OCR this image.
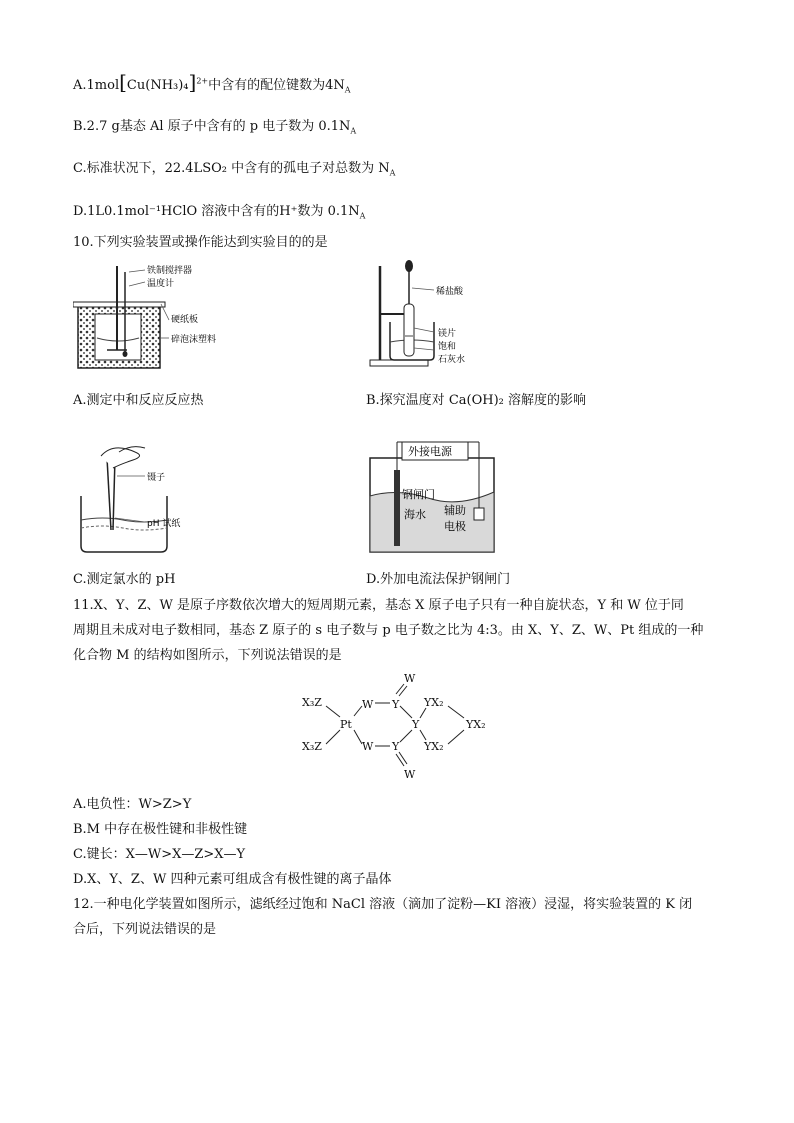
$A.1mol[Cu(NH_3)_4]^{2+}$中含有的配位键数为$4N_A$
B.2.7 g基态 Al 原子中含有的 p 电子数为 $0.1N_A$
C.标准状况下，22.4LSO₂ 中含有的孤电子对总数为 $N_A$
D.1L0.1mol⁻¹HClO 溶液中含有的H⁺数为 $0.1N_A$
10.下列实验装置或操作能达到实验目的的是
铁制搅拌器
温度计
硬纸板
碎泡沫塑料
A.测定中和反应反应热
稀盐酸
镁片
饱和
石灰水
B.探究温度对 Ca(OH)₂ 溶解度的影响
镊子
pH 试纸
C.测定氯水的 pH
外接电源
钢闸门
海水 辅助
电极
D.外加电流法保护钢闸门
11.X、Y、Z、W 是原子序数依次增大的短周期元素，基态 X 原子电子只有一种自旋状态，Y 和 W 位于同
周期且未成对电子数相同，基态 Z 原子的 s 电子数与 p 电子数之比为 4:3。由 X、Y、Z、W、Pt 组成的一种
化合物 M 的结构如图所示，下列说法错误的是
X₃Z
X₃Z
Pt
W
W
Y
Y
W
W
Y
YX₂
YX₂
YX₂
A.电负性：W>Z>Y
B.M 中存在极性键和非极性键
C.键长：X—W>X—Z>X—Y
D.X、Y、Z、W 四种元素可组成含有极性键的离子晶体
12.一种电化学装置如图所示，滤纸经过饱和 NaCl 溶液（滴加了淀粉—KI 溶液）浸湿，将实验装置的 K 闭
合后，下列说法错误的是
